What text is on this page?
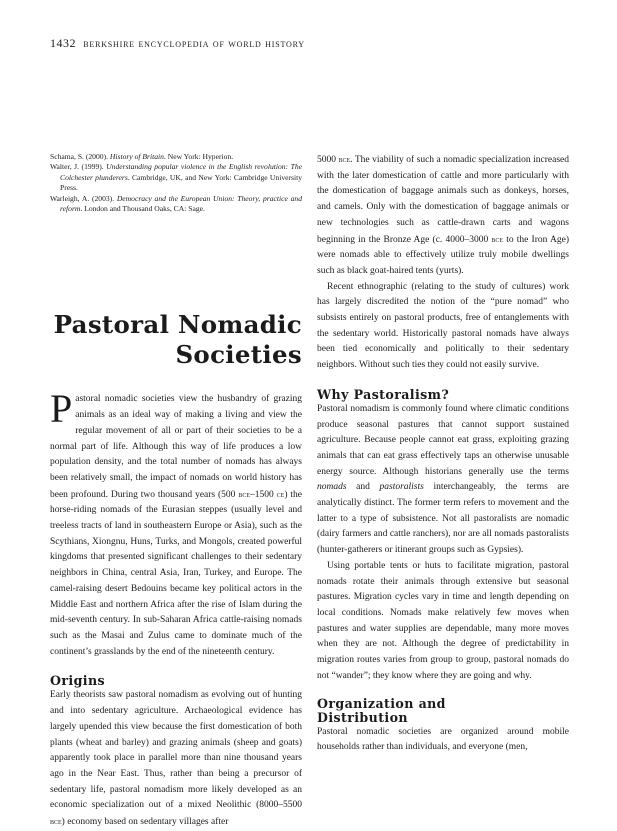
1432 berkshire encyclopedia of world history
Schama, S. (2000). History of Britain. New York: Hyperion.
Walter, J. (1999). Understanding popular violence in the English revolution: The Colchester plunderers. Cambridge, UK, and New York: Cambridge University Press.
Warleigh, A. (2003). Democracy and the European Union: Theory, practice and reform. London and Thousand Oaks, CA: Sage.
Pastoral Nomadic
Societies

Pastoral nomadic societies view the husbandry of grazing animals as an ideal way of making a living and view the regular movement of all or part of their societies to be a normal part of life. Although this way of life produces a low population density, and the total number of nomads has always been relatively small, the impact of nomads on world history has been profound. During two thousand years (500 bce–1500 ce) the horse-riding nomads of the Eurasian steppes (usually level and treeless tracts of land in southeastern Europe or Asia), such as the Scythians, Xiongnu, Huns, Turks, and Mongols, created powerful kingdoms that presented significant challenges to their sedentary neighbors in China, central Asia, Iran, Turkey, and Europe. The camel-raising desert Bedouins became key political actors in the Middle East and northern Africa after the rise of Islam during the mid-seventh century. In sub-Saharan Africa cattle-raising nomads such as the Masai and Zulus came to dominate much of the continent’s grasslands by the end of the nineteenth century.

Origins

Early theorists saw pastoral nomadism as evolving out of hunting and into sedentary agriculture. Archaeological evidence has largely upended this view because the first domestication of both plants (wheat and barley) and grazing animals (sheep and goats) apparently took place in parallel more than nine thousand years ago in the Near East. Thus, rather than being a precursor of sedentary life, pastoral nomadism more likely developed as an economic specialization out of a mixed Neolithic (8000–5500 bce) economy based on sedentary villages after

5000 bce. The viability of such a nomadic specialization increased with the later domestication of cattle and more particularly with the domestication of baggage animals such as donkeys, horses, and camels. Only with the domestication of baggage animals or new technologies such as cattle-drawn carts and wagons beginning in the Bronze Age (c. 4000–3000 bce to the Iron Age) were nomads able to effectively utilize truly mobile dwellings such as black goat-haired tents (yurts).

Recent ethnographic (relating to the study of cultures) work has largely discredited the notion of the “pure nomad” who subsists entirely on pastoral products, free of entanglements with the sedentary world. Historically pastoral nomads have always been tied economically and politically to their sedentary neighbors. Without such ties they could not easily survive.

Why Pastoralism?

Pastoral nomadism is commonly found where climatic conditions produce seasonal pastures that cannot support sustained agriculture. Because people cannot eat grass, exploiting grazing animals that can eat grass effectively taps an otherwise unusable energy source. Although historians generally use the terms nomads and pastoralists interchangeably, the terms are analytically distinct. The former term refers to movement and the latter to a type of subsistence. Not all pastoralists are nomadic (dairy farmers and cattle ranchers), nor are all nomads pastoralists (hunter-gatherers or itinerant groups such as Gypsies).

Using portable tents or huts to facilitate migration, pastoral nomads rotate their animals through extensive but seasonal pastures. Migration cycles vary in time and length depending on local conditions. Nomads make relatively few moves when pastures and water supplies are dependable, many more moves when they are not. Although the degree of predictability in migration routes varies from group to group, pastoral nomads do not “wander”; they know where they are going and why.

Organization and
Distribution

Pastoral nomadic societies are organized around mobile households rather than individuals, and everyone (men,
